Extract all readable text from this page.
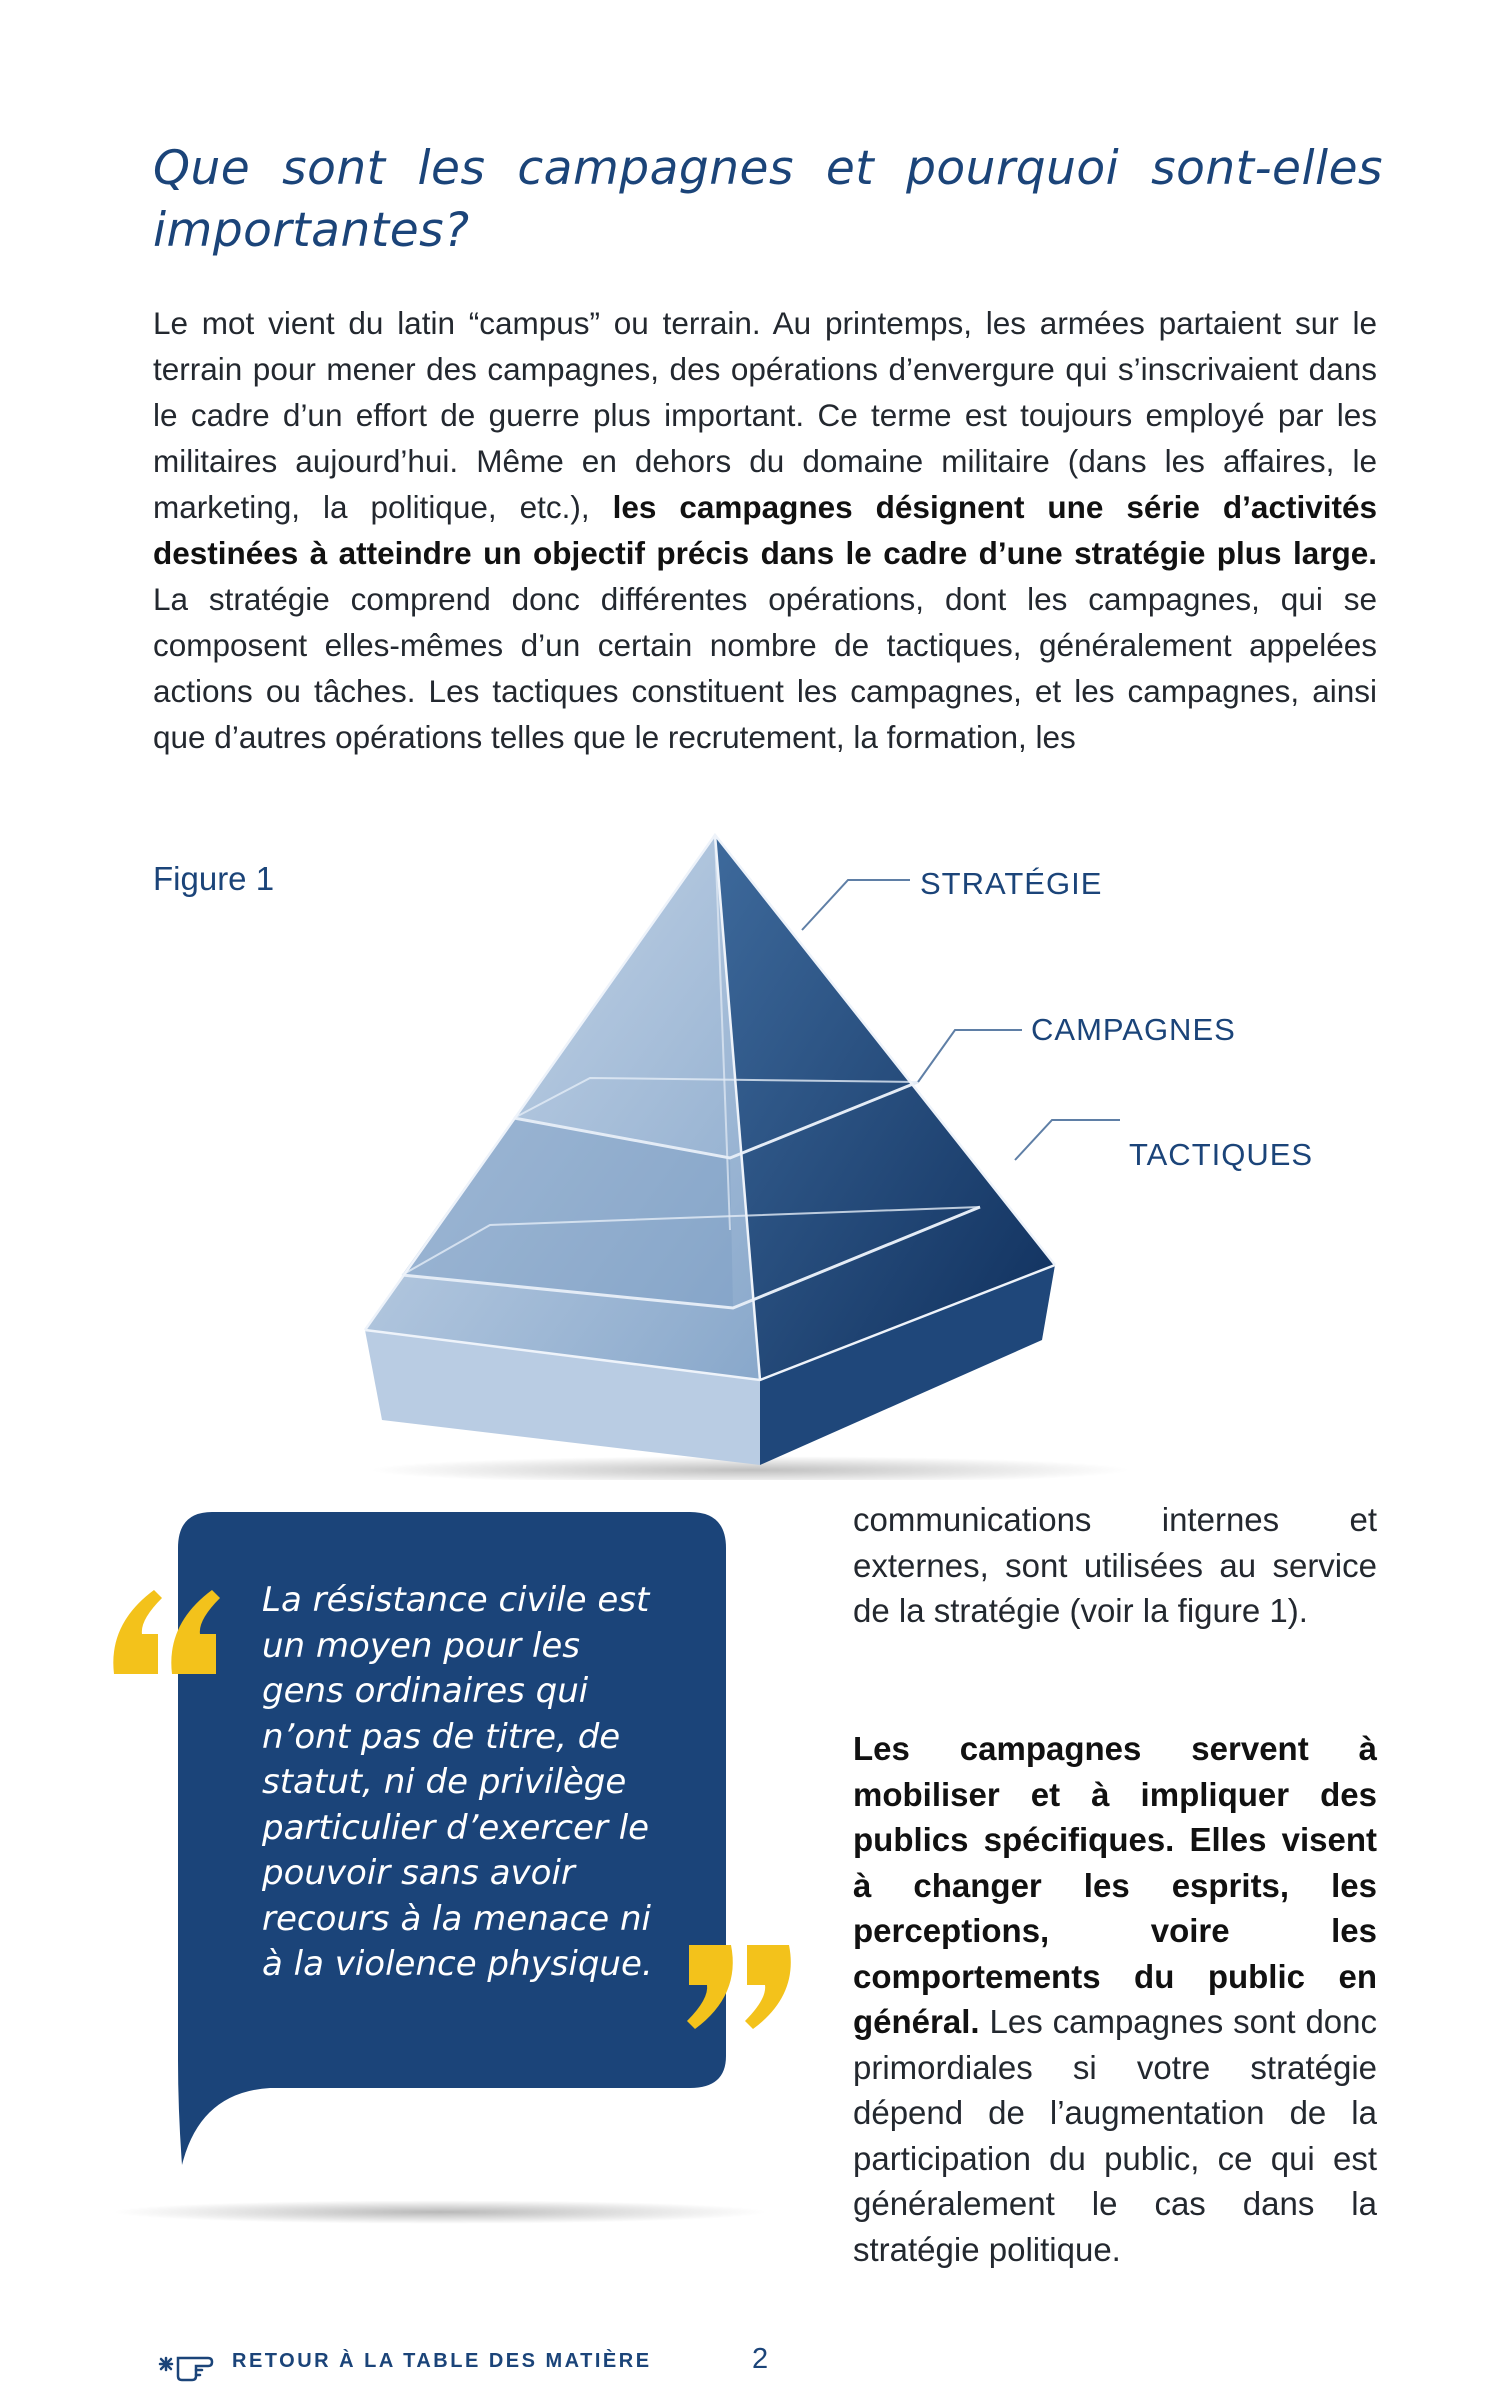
Que sont les campagnes et pourquoi sont-elles importantes?

Le mot vient du latin “campus” ou terrain. Au printemps, les armées partaient sur le terrain pour mener des campagnes, des opérations d’envergure qui s’inscrivaient dans le cadre d’un effort de guerre plus important. Ce terme est toujours employé par les militaires aujourd’hui. Même en dehors du domaine militaire (dans les affaires, le marketing, la politique, etc.), les campagnes désignent une série d’activités destinées à atteindre un objectif précis dans le cadre d’une stratégie plus large. La stratégie comprend donc différentes opérations, dont les campagnes, qui se composent elles-mêmes d’un certain nombre de tactiques, généralement appelées actions ou tâches. Les tactiques constituent les campagnes, et les campagnes, ainsi que d’autres opérations telles que le recrutement, la formation, les

Figure 1	STRATÉGIE
CAMPAGNES
TACTIQUES

La résistance civile est un moyen pour les gens ordinaires qui n’ont pas de titre, de statut, ni de privilège particulier d’exercer le pouvoir sans avoir recours à la menace ni à la violence physique.

communications internes et externes, sont utilisées au service de la stratégie (voir la figure 1).

Les campagnes servent à mobiliser et à impliquer des publics spécifiques. Elles visent à changer les esprits, les perceptions, voire les comportements du public en général. Les campagnes sont donc primordiales si votre stratégie dépend de l’augmentation de la participation du public, ce qui est généralement le cas dans la stratégie politique.

RETOUR À LA TABLE DES MATIÈRE	2
